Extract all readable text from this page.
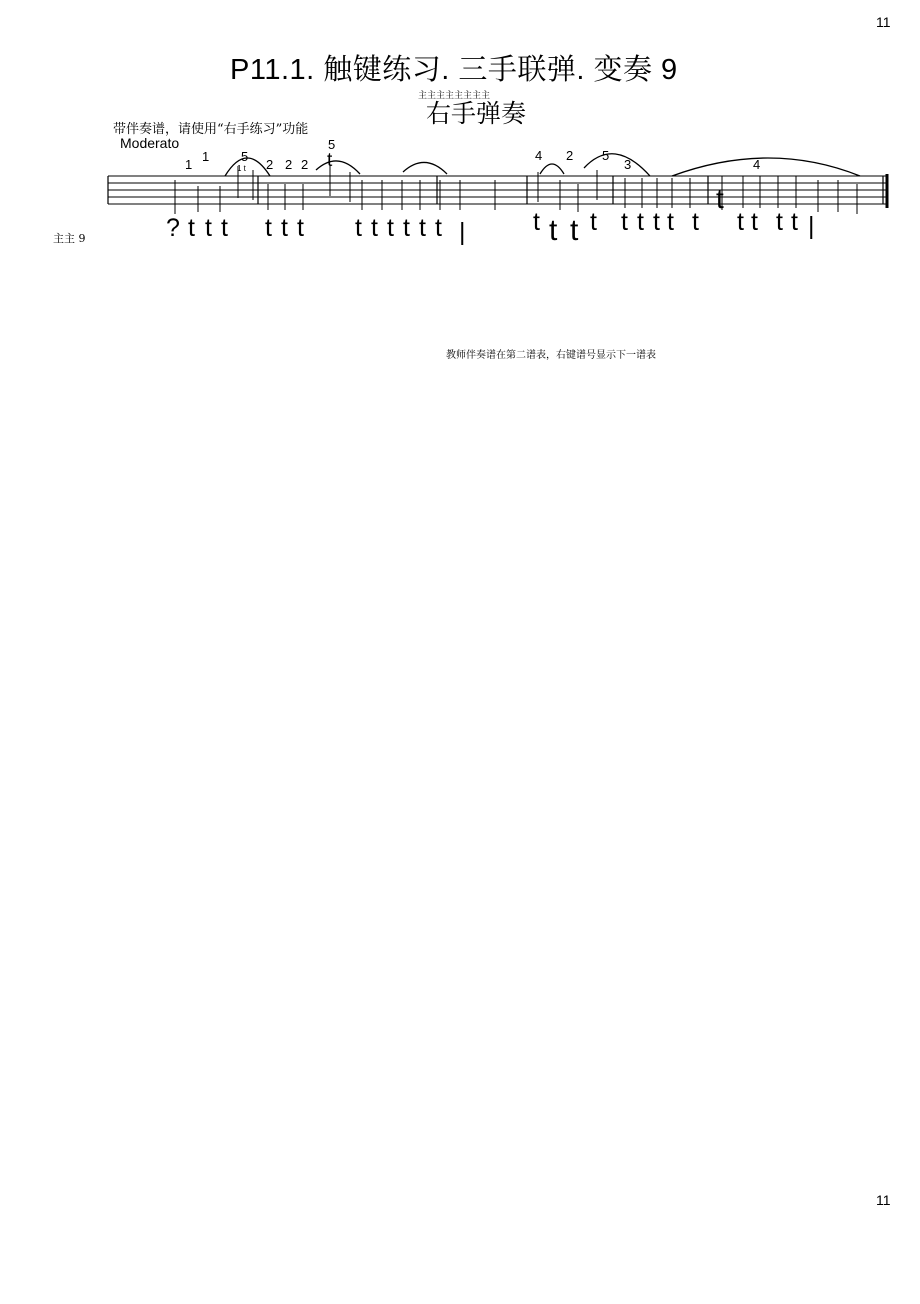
11
P11.1. 触键练习. 三手联弹. 变奏 9
主主主主主主主主
右手弹奏
带伴奏谱，请使用“右手练习”功能
Moderato
1
1 5
1 t 2 2 2
5
t	4 2 5
3	4
t
? t t t t t t t t t t t t |	t t t t t t t t t t t t t |
主主 9
教师伴奏谱在第二谱表，右键谱号显示下一谱表
11
